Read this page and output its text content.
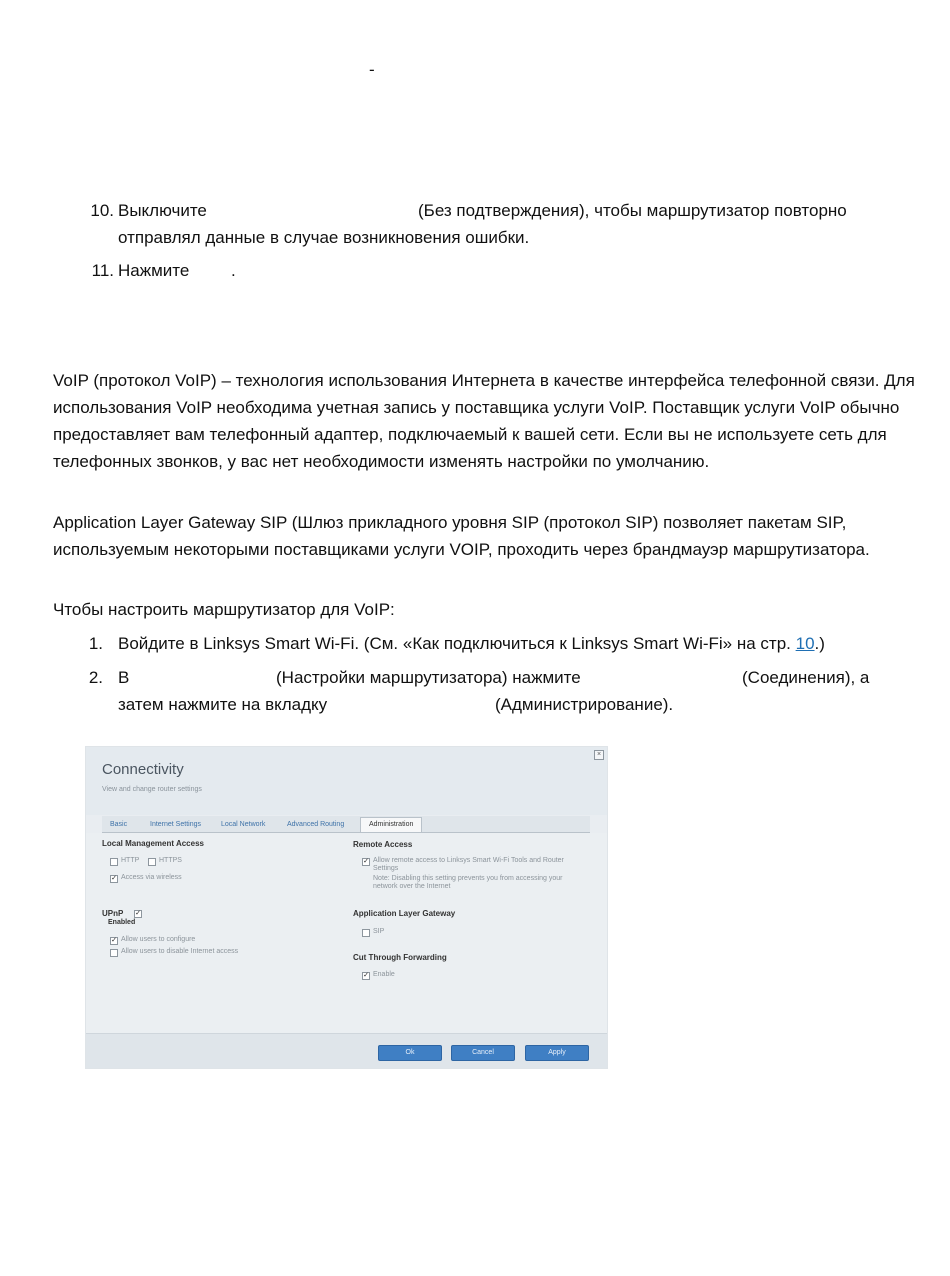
-
10. Выключите	(Без подтверждения), чтобы маршрутизатор повторно
отправлял данные в случае возникновения ошибки.
11. Нажмите .
VoIP (протокол VoIP) – технология использования Интернета в качестве интерфейса телефонной связи. Для использования VoIP необходима учетная запись у поставщика услуги VoIP. Поставщик услуги VoIP обычно предоставляет вам телефонный адаптер, подключаемый к вашей сети. Если вы не используете сеть для телефонных звонков, у вас нет необходимости изменять настройки по умолчанию.
Application Layer Gateway SIP (Шлюз прикладного уровня SIP (протокол SIP) позволяет пакетам SIP, используемым некоторыми поставщиками услуги VOIP, проходить через брандмауэр маршрутизатора.
Чтобы настроить маршрутизатор для VoIP:
1. Войдите в Linksys Smart Wi-Fi. (См. «Как подключиться к Linksys Smart Wi-Fi» на стр. 10.)
2. В	(Настройки маршрутизатора) нажмите	(Соединения), а
затем нажмите на вкладку	(Администрирование).
Connectivity
View and change router settings
×
Basic	Internet Settings	Local Network	Advanced Routing	Administration
Local Management Access
HTTP	HTTPS
✓ Access via wireless
UPnP ✓
Enabled
✓ Allow users to configure
Allow users to disable Internet access
Remote Access
✓ Allow remote access to Linksys Smart Wi-Fi Tools and Router Settings
Note: Disabling this setting prevents you from accessing your network over the Internet
Application Layer Gateway
SIP
Cut Through Forwarding
✓ Enable
Ok	Cancel	Apply
